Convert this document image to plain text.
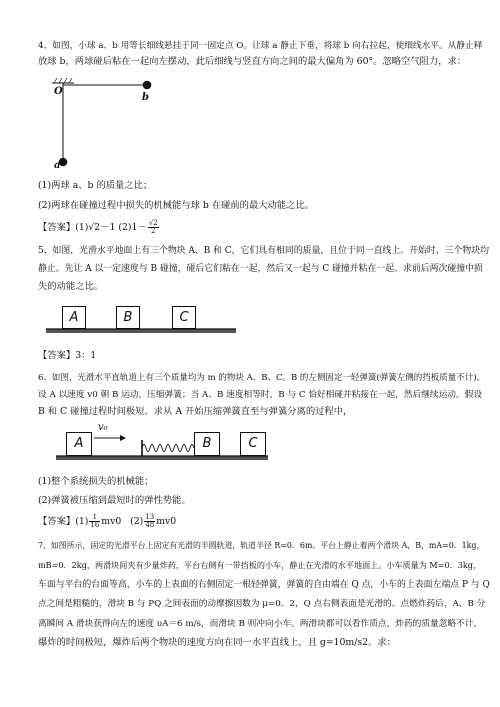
4、如图，小球 a、b 用等长细线悬挂于同一固定点 O。让球 a 静止下垂，将球 b 向右拉起，使细线水平。从静止释
放球 b，两球碰后粘在一起向左摆动，此后细线与竖直方向之间的最大偏角为 60°。忽略空气阻力，求：
O
a
b
(1)两球 a、b 的质量之比；
(2)两球在碰撞过程中损失的机械能与球 b 在碰前的最大动能之比。
【答案】(1)√2－1 $(2)1- \frac{√2}{2}$
5、如图，光滑水平地面上有三个物块 A、B 和 C，它们具有相同的质量，且位于同一直线上。开始时，三个物块均
静止。先让 A 以一定速度与 B 碰撞，碰后它们粘在一起，然后又一起与 C 碰撞并粘在一起。求前后两次碰撞中损
失的动能之比。
A	B	C
【答案】3：1
6、如图，光滑水平直轨道上有三个质量均为 m 的物块 A、B、C。B 的左侧固定一轻弹簧(弹簧左侧的挡板质量不计)。
设 A 以速度 v0 朝 B 运动，压缩弹簧；当 A、B 速度相等时，B 与 C 恰好相碰并粘接在一起，然后继续运动。假设
B 和 C 碰撞过程时间极短。求从 A 开始压缩弹簧直至与弹簧分离的过程中，
A
v₀
B	C
(1)整个系统损失的机械能；
(2)弹簧被压缩到最短时的弹性势能。
【答案】$(1) \frac{1}{16} mv0$   $(2) \frac{13}{48} mv0$
7、如图所示，固定的光滑平台上固定有光滑的半圆轨道，轨道半径 R=0．6m。平台上静止着两个滑块 A，B，mA=0．1kg，
mB=0．2kg，两滑块间夹有少量炸药，平台右侧有一带挡板的小车，静止在光滑的水平地面上。小车质量为 M=0．3kg，
车面与平台的台面等高，小车的上表面的右侧固定一根轻弹簧，弹簧的自由端在 Q 点，小车的上表面左端点 P 与 Q
点之间是粗糙的，滑块 B 与 PQ 之间表面的动摩擦因数为 μ=0．2，Q 点右侧表面是光滑的。点燃炸药后，A、B 分
离瞬间 A 滑块获得向左的速度 υA＝6 m/s，而滑块 B 则冲向小车。两滑块都可以看作质点，炸药的质量忽略不计，
爆炸的时间极短，爆炸后两个物块的速度方向在同一水平直线上，且 g=10m/s2。求：
